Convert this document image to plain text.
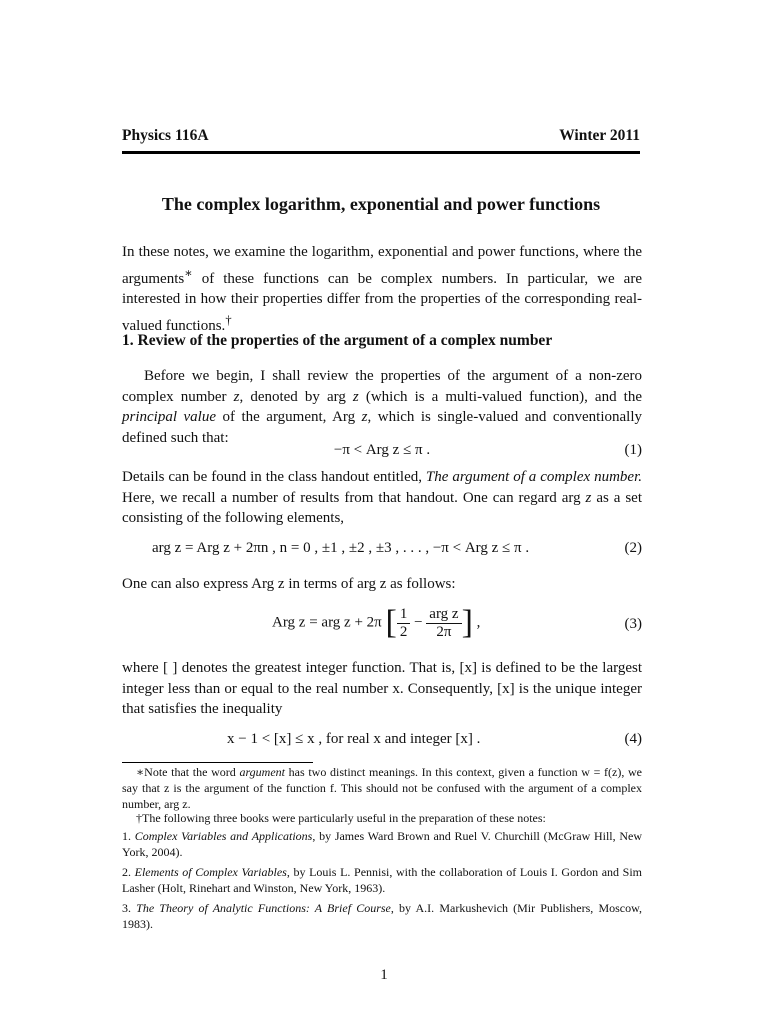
Physics 116A	Winter 2011
The complex logarithm, exponential and power functions
In these notes, we examine the logarithm, exponential and power functions, where the arguments∗ of these functions can be complex numbers. In particular, we are interested in how their properties differ from the properties of the corresponding real-valued functions.†
1. Review of the properties of the argument of a complex number
Before we begin, I shall review the properties of the argument of a non-zero complex number z, denoted by arg z (which is a multi-valued function), and the principal value of the argument, Arg z, which is single-valued and conventionally defined such that:
−π < Arg z ≤ π .	(1)
Details can be found in the class handout entitled, The argument of a complex number. Here, we recall a number of results from that handout. One can regard arg z as a set consisting of the following elements,
arg z = Arg z + 2πn , n = 0 , ±1 , ±2 , ±3 , . . . , −π < Arg z ≤ π .	(2)
One can also express Arg z in terms of arg z as follows:
Arg z = arg z + 2π [ $\frac{1}{2} - \frac{\text{arg z}}{2\pi}$ ] ,	(3)
where [ ] denotes the greatest integer function. That is, [x] is defined to be the largest integer less than or equal to the real number x. Consequently, [x] is the unique integer that satisfies the inequality
x − 1 < [x] ≤ x , for real x and integer [x] .	(4)
∗Note that the word argument has two distinct meanings. In this context, given a function w = f(z), we say that z is the argument of the function f. This should not be confused with the argument of a complex number, arg z.
†The following three books were particularly useful in the preparation of these notes:
1. Complex Variables and Applications, by James Ward Brown and Ruel V. Churchill (McGraw Hill, New York, 2004).
2. Elements of Complex Variables, by Louis L. Pennisi, with the collaboration of Louis I. Gordon and Sim Lasher (Holt, Rinehart and Winston, New York, 1963).
3. The Theory of Analytic Functions: A Brief Course, by A.I. Markushevich (Mir Publishers, Moscow, 1983).
1
